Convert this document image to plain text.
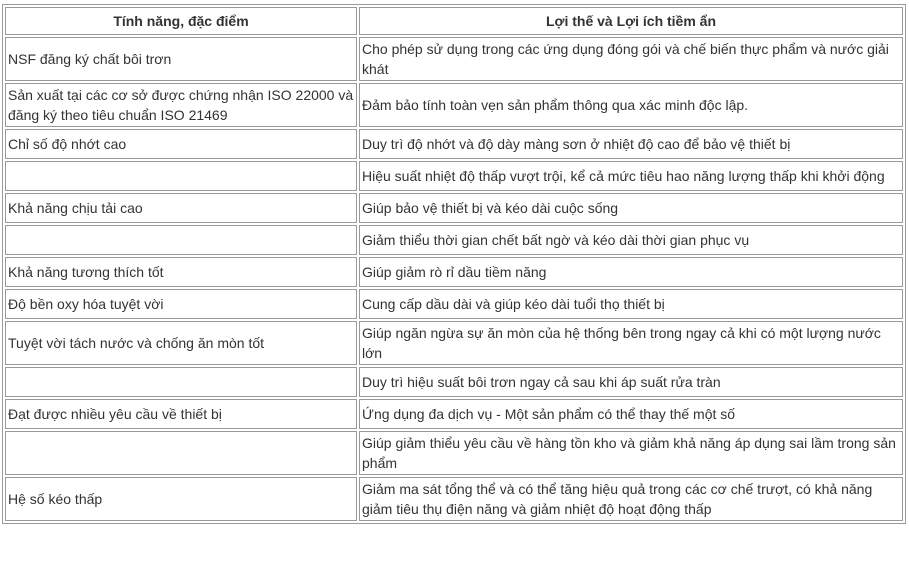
Tính năng, đặc điểm	Lợi thế và Lợi ích tiềm ẩn
NSF đăng ký chất bôi trơn	Cho phép sử dụng trong các ứng dụng đóng gói và chế biến thực phẩm và nước giải khát
Sản xuất tại các cơ sở được chứng nhận ISO 22000 và đăng ký theo tiêu chuẩn ISO 21469	Đảm bảo tính toàn vẹn sản phẩm thông qua xác minh độc lập.
Chỉ số độ nhớt cao	Duy trì độ nhớt và độ dày màng sơn ở nhiệt độ cao để bảo vệ thiết bị
	Hiệu suất nhiệt độ thấp vượt trội, kể cả mức tiêu hao năng lượng thấp khi khởi động
Khả năng chịu tải cao	Giúp bảo vệ thiết bị và kéo dài cuộc sống
	Giảm thiểu thời gian chết bất ngờ và kéo dài thời gian phục vụ
Khả năng tương thích tốt	Giúp giảm rò rỉ dầu tiềm năng
Độ bền oxy hóa tuyệt vời	Cung cấp dầu dài và giúp kéo dài tuổi thọ thiết bị
Tuyệt vời tách nước và chống ăn mòn tốt	Giúp ngăn ngừa sự ăn mòn của hệ thống bên trong ngay cả khi có một lượng nước lớn
	Duy trì hiệu suất bôi trơn ngay cả sau khi áp suất rửa tràn
Đạt được nhiều yêu cầu về thiết bị	Ứng dụng đa dịch vụ - Một sản phẩm có thể thay thế một số
	Giúp giảm thiểu yêu cầu về hàng tồn kho và giảm khả năng áp dụng sai lầm trong sản phẩm
Hệ số kéo thấp	Giảm ma sát tổng thể và có thể tăng hiệu quả trong các cơ chế trượt, có khả năng giảm tiêu thụ điện năng và giảm nhiệt độ hoạt động thấp
